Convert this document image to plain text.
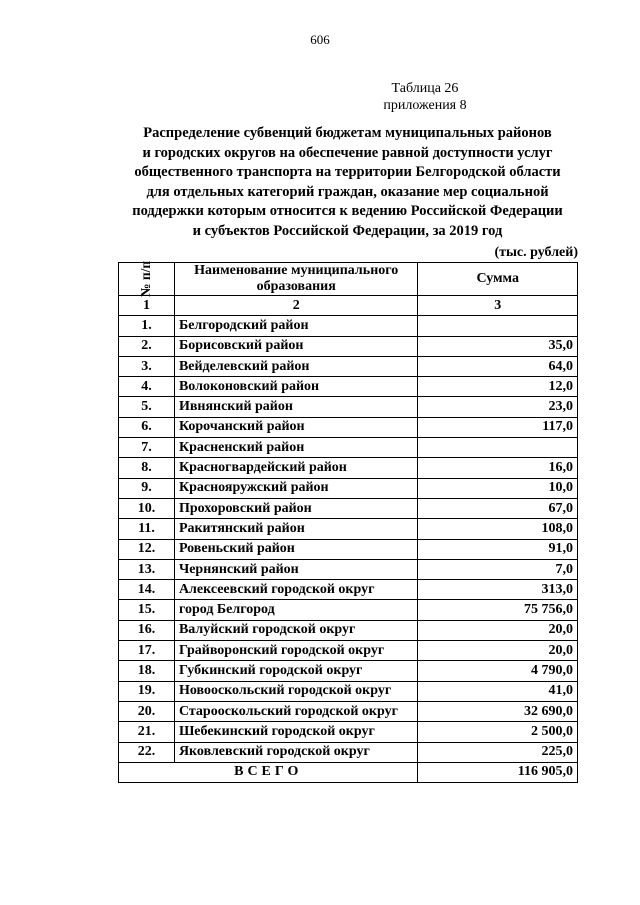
606
Таблица 26
приложения 8
Распределение субвенций бюджетам муниципальных районов
и городских округов на обеспечение равной доступности услуг
общественного транспорта на территории Белгородской области
для отдельных категорий граждан, оказание мер социальной
поддержки которым относится к ведению Российской Федерации
и субъектов Российской Федерации, за 2019 год
(тыс. рублей)
№ п/п	Наименование муниципального образования	Сумма
1	2	3
1.	Белгородский район	
2.	Борисовский район	35,0
3.	Вейделевский район	64,0
4.	Волоконовский район	12,0
5.	Ивнянский район	23,0
6.	Корочанский район	117,0
7.	Красненский район	
8.	Красногвардейский район	16,0
9.	Краснояружский район	10,0
10.	Прохоровский район	67,0
11.	Ракитянский район	108,0
12.	Ровеньский район	91,0
13.	Чернянский район	7,0
14.	Алексеевский городской округ	313,0
15.	город Белгород	75 756,0
16.	Валуйский городской округ	20,0
17.	Грайворонский городской округ	20,0
18.	Губкинский городской округ	4 790,0
19.	Новооскольский городской округ	41,0
20.	Старооскольский городской округ	32 690,0
21.	Шебекинский городской округ	2 500,0
22.	Яковлевский городской округ	225,0
ВСЕГО		116 905,0
